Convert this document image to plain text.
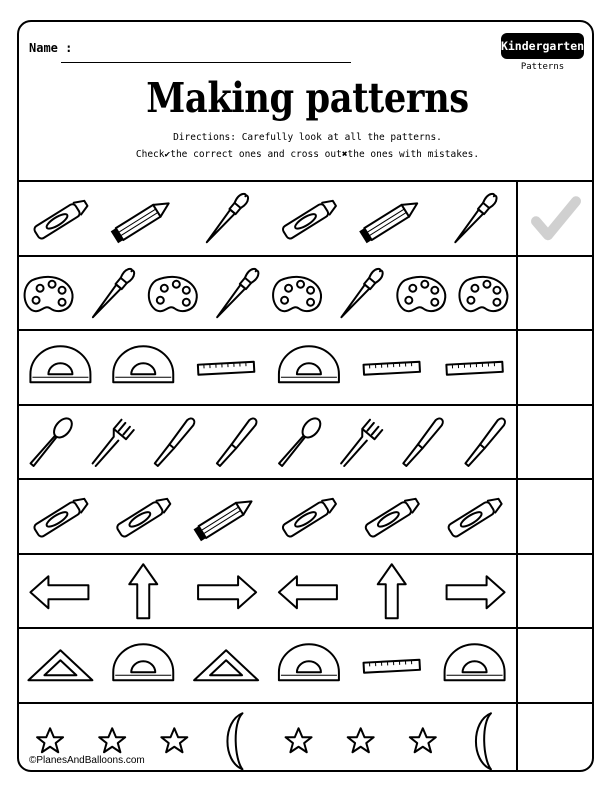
Name :	Kindergarten
Patterns
Making patterns
Directions: Carefully look at all the patterns.
Check✔the correct ones and cross out✖the ones with mistakes.
©PlanesAndBalloons.com
